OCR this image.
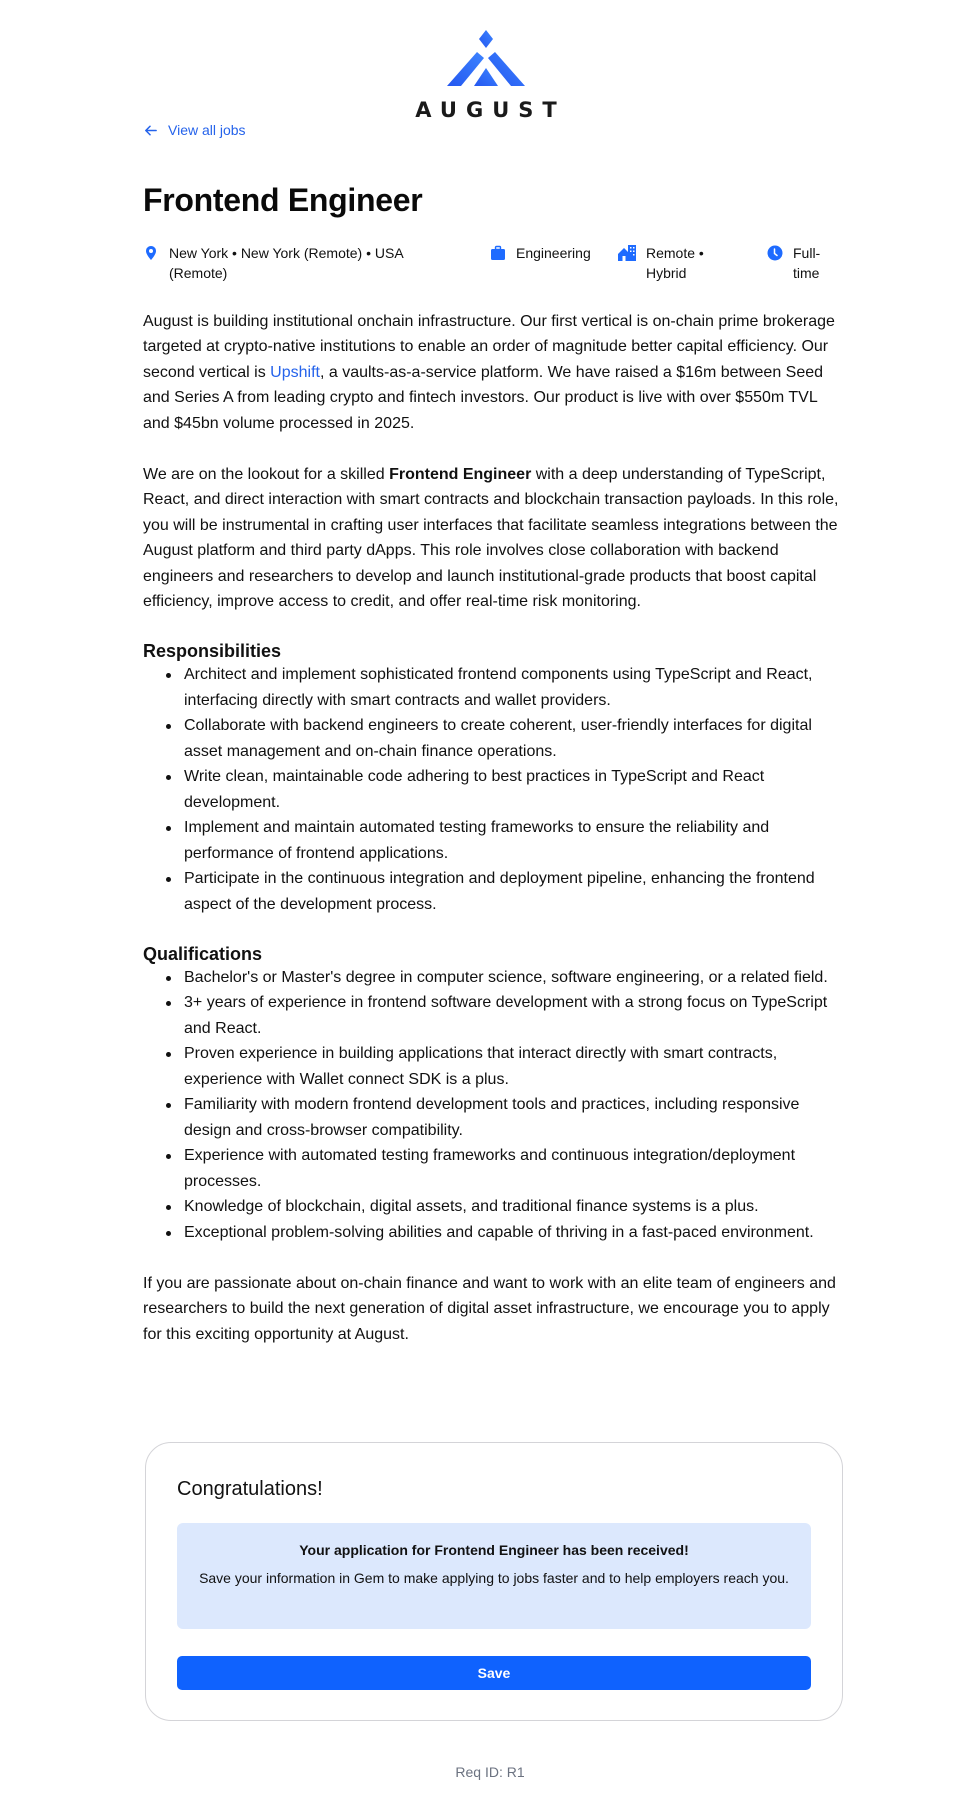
AUGUST
View all jobs
Frontend Engineer
New York • New York (Remote) • USA (Remote)
Engineering	Remote • Hybrid
Full-time

August is building institutional onchain infrastructure. Our first vertical is on-chain prime brokerage targeted at crypto-native institutions to enable an order of magnitude better capital efficiency. Our second vertical is Upshift, a vaults-as-a-service platform. We have raised a $16m between Seed and Series A from leading crypto and fintech investors. Our product is live with over $550m TVL and $45bn volume processed in 2025.

We are on the lookout for a skilled Frontend Engineer with a deep understanding of TypeScript, React, and direct interaction with smart contracts and blockchain transaction payloads. In this role, you will be instrumental in crafting user interfaces that facilitate seamless integrations between the August platform and third party dApps. This role involves close collaboration with backend engineers and researchers to develop and launch institutional-grade products that boost capital efficiency, improve access to credit, and offer real-time risk monitoring.

Responsibilities
Architect and implement sophisticated frontend components using TypeScript and React, interfacing directly with smart contracts and wallet providers.
Collaborate with backend engineers to create coherent, user-friendly interfaces for digital asset management and on-chain finance operations.
Write clean, maintainable code adhering to best practices in TypeScript and React development.
Implement and maintain automated testing frameworks to ensure the reliability and performance of frontend applications.
Participate in the continuous integration and deployment pipeline, enhancing the frontend aspect of the development process.
Qualifications
Bachelor's or Master's degree in computer science, software engineering, or a related field.
3+ years of experience in frontend software development with a strong focus on TypeScript and React.
Proven experience in building applications that interact directly with smart contracts, experience with Wallet connect SDK is a plus.
Familiarity with modern frontend development tools and practices, including responsive design and cross-browser compatibility.
Experience with automated testing frameworks and continuous integration/deployment processes.
Knowledge of blockchain, digital assets, and traditional finance systems is a plus.
Exceptional problem-solving abilities and capable of thriving in a fast-paced environment.

If you are passionate about on-chain finance and want to work with an elite team of engineers and researchers to build the next generation of digital asset infrastructure, we encourage you to apply for this exciting opportunity at August.

Congratulations!
Your application for Frontend Engineer has been received!
Save your information in Gem to make applying to jobs faster and to help employers reach you.
Save
Req ID: R1
